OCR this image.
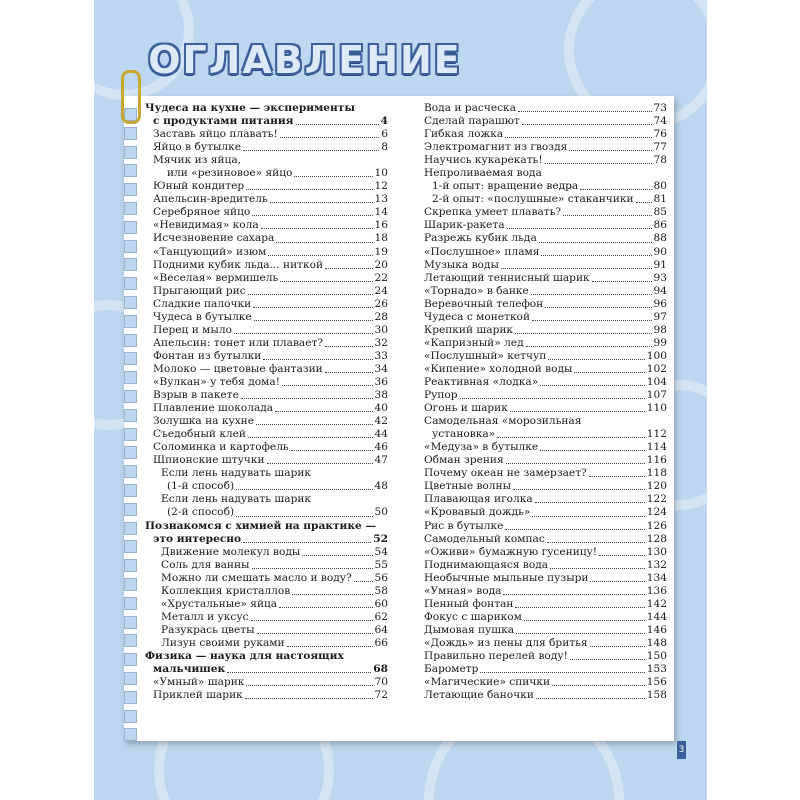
ОГЛАВЛЕНИЕ
Чудеса на кухне — эксперименты
с продуктами питания	4
Заставь яйцо плавать!	6
Яйцо в бутылке	8
Мячик из яйца,
или «резиновое» яйцо	10
Юный кондитер	12
Апельсин-вредитель	13
Серебряное яйцо	14
«Невидимая» кола	16
Исчезновение сахара	18
«Танцующий» изюм	19
Подними кубик льда... ниткой	20
«Веселая» вермишель	22
Прыгающий рис	24
Сладкие палочки	26
Чудеса в бутылке	28
Перец и мыло	30
Апельсин: тонет или плавает?	32
Фонтан из бутылки	33
Молоко — цветовые фантазии	34
«Вулкан» у тебя дома!	36
Взрыв в пакете	38
Плавление шоколада	40
Золушка на кухне	42
Съедобный клей	44
Соломинка и картофель	46
Шпионские штучки	47
Если лень надувать шарик
(1-й способ)	48
Если лень надувать шарик
(2-й способ)	50
Познакомся с химией на практике —
это интересно	52
Движение молекул воды	54
Соль для ванны	55
Можно ли смешать масло и воду? 56
Коллекция кристаллов	58
«Хрустальные» яйца	60
Металл и уксус	62
Разукрась цветы	64
Лизун своими руками	66
Физика — наука для настоящих
мальчишек	68
«Умный» шарик	70
Приклей шарик	72
Вода и расческа	73
Сделай парашют	74
Гибкая ложка	76
Электромагнит из гвоздя	77
Научись кукарекать!	78
Непроливаемая вода
1-й опыт: вращение ведра	80
2-й опыт: «послушные» стаканчики 81
Скрепка умеет плавать?	85
Шарик-ракета	86
Разрежь кубик льда	88
«Послушное» пламя	90
Музыка воды	91
Летающий теннисный шарик	93
«Торнадо» в банке	94
Веревочный телефон	96
Чудеса с монеткой	97
Крепкий шарик	98
«Капризный» лед	99
«Послушный» кетчуп	100
«Кипение» холодной воды	102
Реактивная «лодка»	104
Рупор	107
Огонь и шарик	110
Самодельная «морозильная
установка»	112
«Медуза» в бутылке	114
Обман зрения	116
Почему океан не замерзает?	118
Цветные волны	120
Плавающая иголка	122
«Кровавый дождь»	124
Рис в бутылке	126
Самодельный компас	128
«Оживи» бумажную гусеницу!	130
Поднимающаяся вода	132
Необычные мыльные пузыри	134
«Умная» вода	136
Пенный фонтан	142
Фокус с шариком	144
Дымовая пушка	146
«Дождь» из пены для бритья	148
Правильно перелей воду!	150
Барометр	153
«Магические» спички	156
Летающие баночки	158
3
